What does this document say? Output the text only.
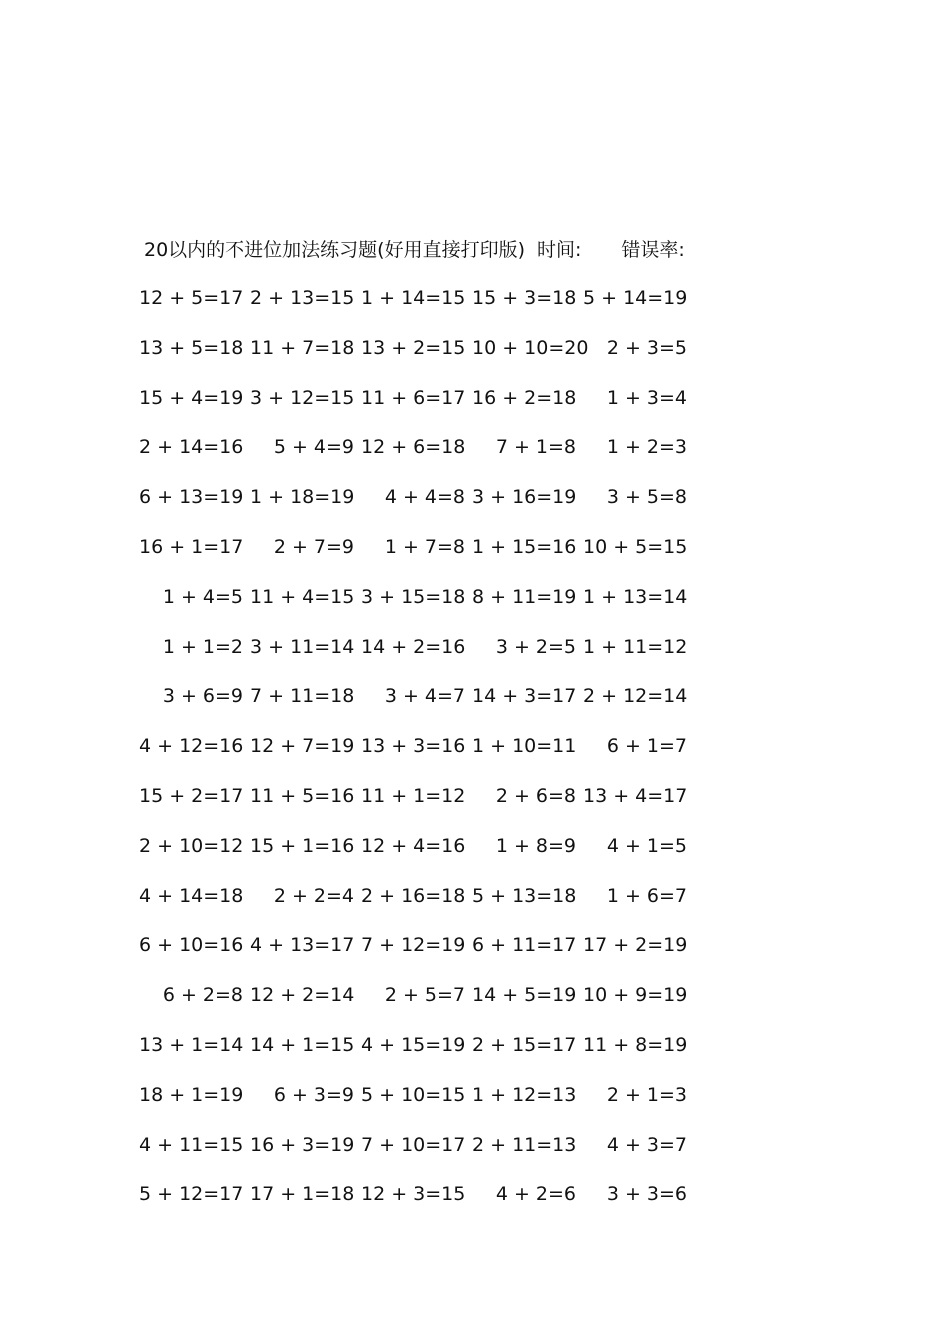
20以内的不进位加法练习题(好用直接打印版) 时间: 错误率:
12 + 5=17 2 + 13=15 1 + 14=15 15 + 3=18 5 + 14=19
13 + 5=18 11 + 7=18 13 + 2=15 10 + 10=20 2 + 3=5
15 + 4=19 3 + 12=15 11 + 6=17 16 + 2=18	1 + 3=4
2 + 14=16	5 + 4=9 12 + 6=18	7 + 1=8	1 + 2=3
6 + 13=19 1 + 18=19	4 + 4=8 3 + 16=19	3 + 5=8
16 + 1=17	2 + 7=9	1 + 7=8 1 + 15=16 10 + 5=15
1 + 4=5 11 + 4=15 3 + 15=18 8 + 11=19 1 + 13=14
1 + 1=2 3 + 11=14 14 + 2=16	3 + 2=5 1 + 11=12
3 + 6=9 7 + 11=18	3 + 4=7 14 + 3=17 2 + 12=14
4 + 12=16 12 + 7=19 13 + 3=16 1 + 10=11	6 + 1=7
15 + 2=17 11 + 5=16 11 + 1=12	2 + 6=8 13 + 4=17
2 + 10=12 15 + 1=16 12 + 4=16	1 + 8=9	4 + 1=5
4 + 14=18	2 + 2=4 2 + 16=18 5 + 13=18	1 + 6=7
6 + 10=16 4 + 13=17 7 + 12=19 6 + 11=17 17 + 2=19
6 + 2=8 12 + 2=14	2 + 5=7 14 + 5=19 10 + 9=19
13 + 1=14 14 + 1=15 4 + 15=19 2 + 15=17 11 + 8=19
18 + 1=19	6 + 3=9 5 + 10=15 1 + 12=13	2 + 1=3
4 + 11=15 16 + 3=19 7 + 10=17 2 + 11=13	4 + 3=7
5 + 12=17 17 + 1=18 12 + 3=15	4 + 2=6	3 + 3=6
